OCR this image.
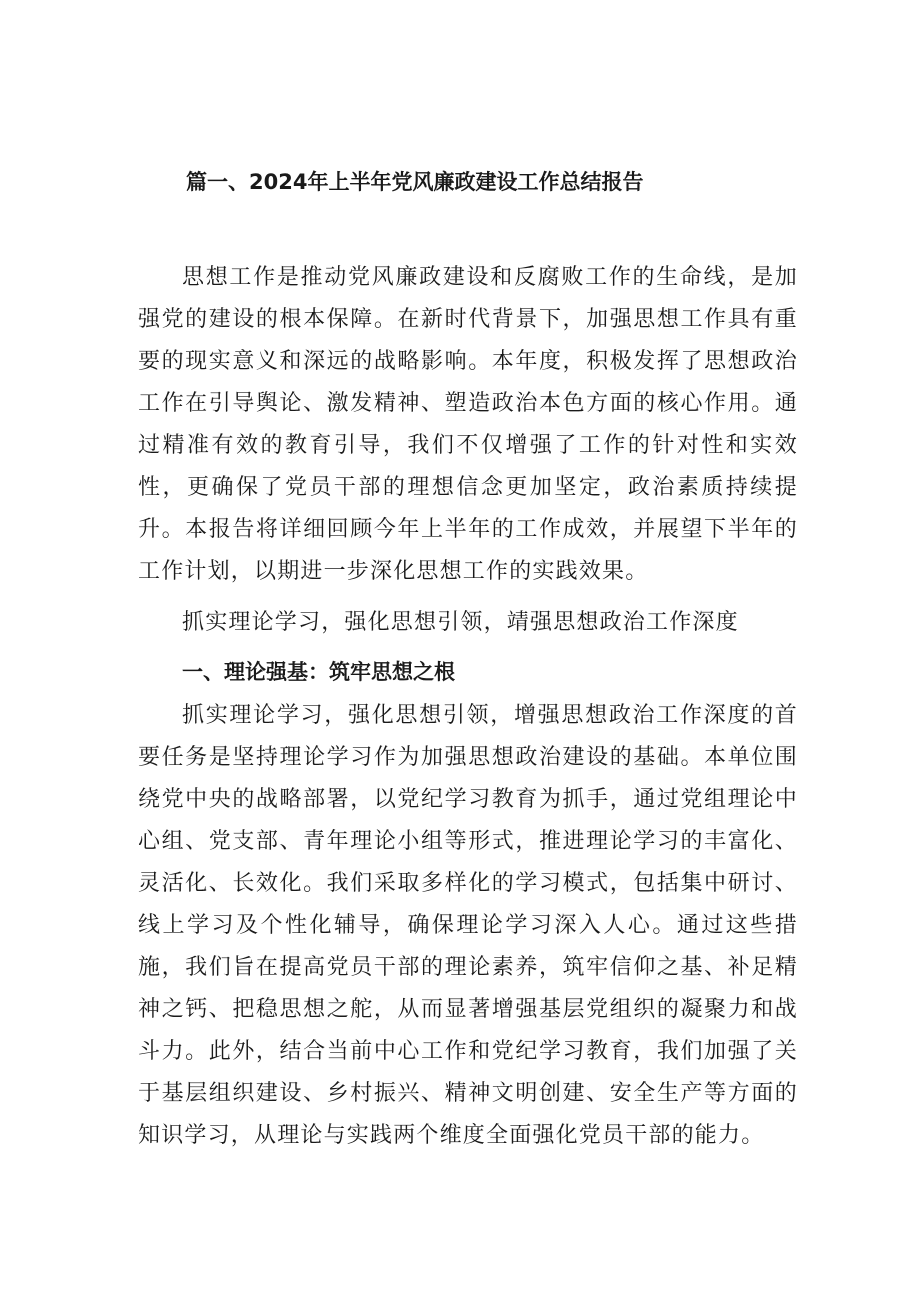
篇一、2024年上半年党风廉政建设工作总结报告

思想工作是推动党风廉政建设和反腐败工作的生命线，是加强党的建设的根本保障。在新时代背景下，加强思想工作具有重要的现实意义和深远的战略影响。本年度，积极发挥了思想政治工作在引导舆论、激发精神、塑造政治本色方面的核心作用。通过精准有效的教育引导，我们不仅增强了工作的针对性和实效性，更确保了党员干部的理想信念更加坚定，政治素质持续提升。本报告将详细回顾今年上半年的工作成效，并展望下半年的工作计划，以期进一步深化思想工作的实践效果。

抓实理论学习，强化思想引领，靖强思想政治工作深度

一、理论强基：筑牢思想之根

抓实理论学习，强化思想引领，增强思想政治工作深度的首要任务是坚持理论学习作为加强思想政治建设的基础。本单位围绕党中央的战略部署，以党纪学习教育为抓手，通过党组理论中心组、党支部、青年理论小组等形式，推进理论学习的丰富化、灵活化、长效化。我们采取多样化的学习模式，包括集中研讨、线上学习及个性化辅导，确保理论学习深入人心。通过这些措施，我们旨在提高党员干部的理论素养，筑牢信仰之基、补足精神之钙、把稳思想之舵，从而显著增强基层党组织的凝聚力和战斗力。此外，结合当前中心工作和党纪学习教育，我们加强了关于基层组织建设、乡村振兴、精神文明创建、安全生产等方面的知识学习，从理论与实践两个维度全面强化党员干部的能力。
